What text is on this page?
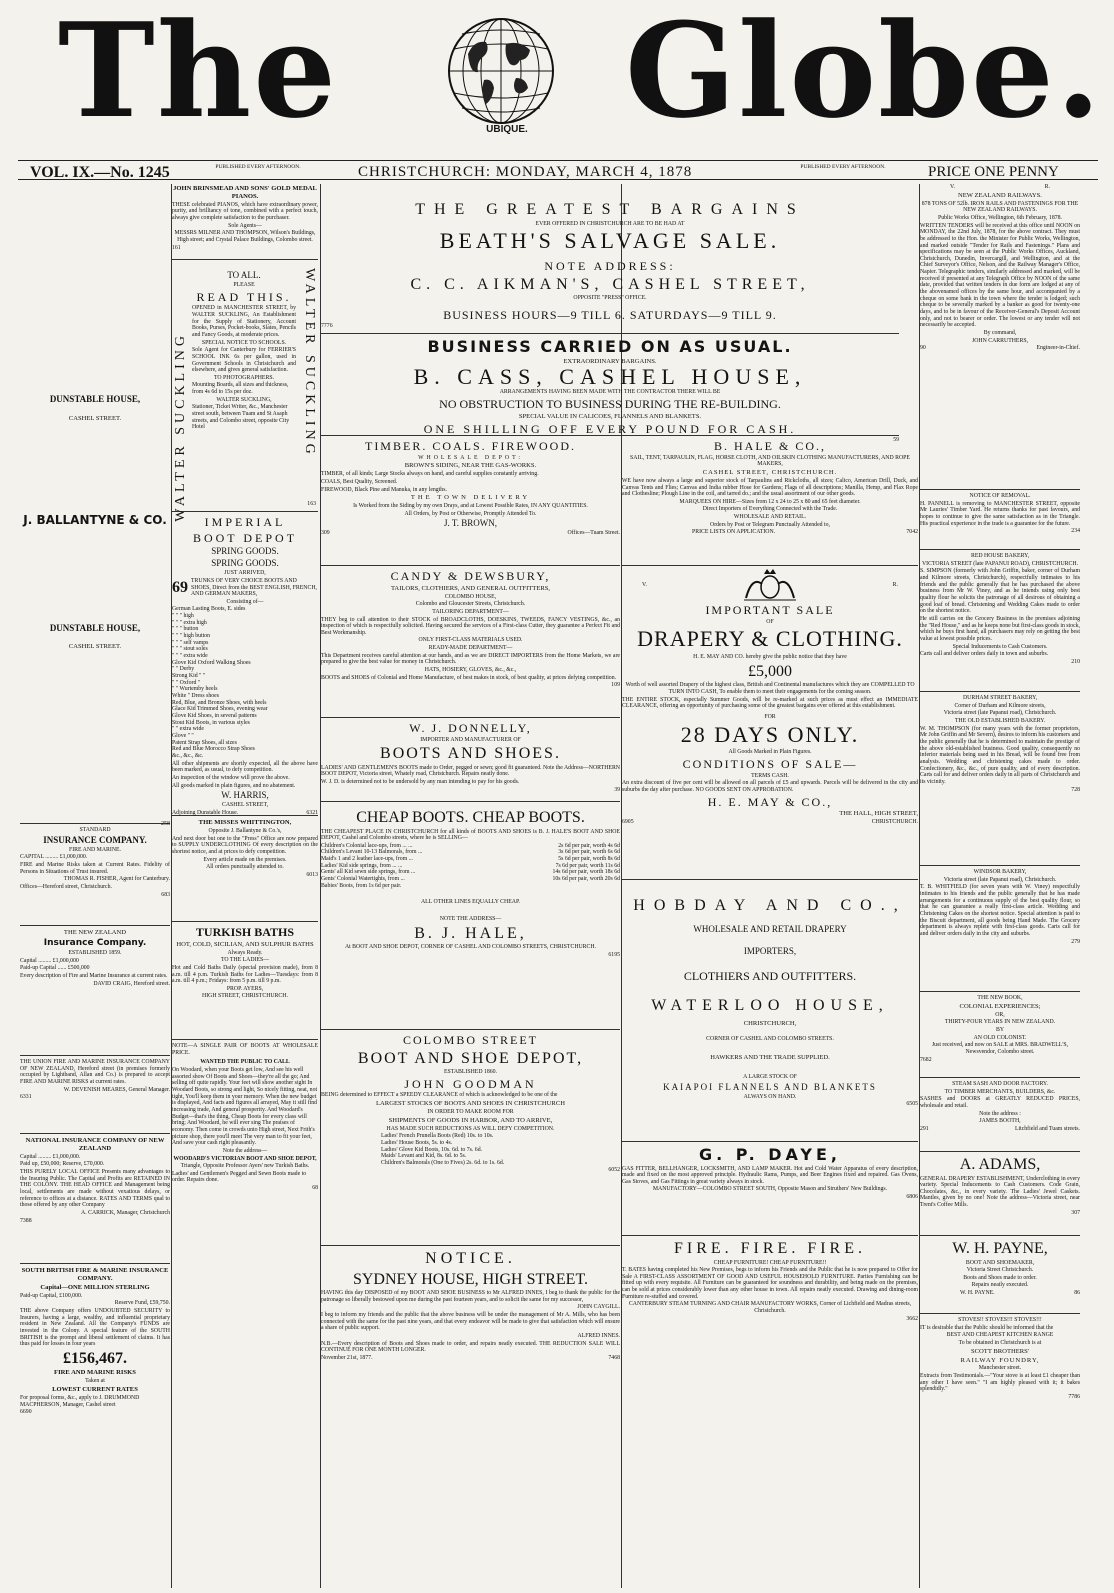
The	UBIQUE. Globe.
VOL. IX.—No. 1245	PUBLISHED EVERY AFTERNOON.	CHRISTCHURCH: MONDAY, MARCH 4, 1878	PUBLISHED EVERY AFTERNOON.	PRICE ONE PENNY

DUNSTABLE HOUSE,

CASHEL STREET.

J. BALLANTYNE & CO.

DUNSTABLE HOUSE,

CASHEL STREET.

258

STANDARD

INSURANCE COMPANY.

FIRE AND MARINE.

CAPITAL ......... £1,000,000.

FIRE and Marine Risks taken at Current Rates. Fidelity of Persons in Situations of Trust insured.

THOMAS R. FISHER, Agent for Canterbury.

Offices—Hereford street, Christchurch.

683

THE NEW ZEALAND

Insurance Company.

ESTABLISHED 1859.

Capital ......... £1,000,000

Paid-up Capital ...... £500,000

Every description of Fire and Marine Insurance at current rates.

DAVID CRAIG, Hereford street.

THE UNION FIRE AND MARINE INSURANCE COMPANY OF NEW ZEALAND, Hereford street (in premises formerly occupied by Lightband, Allan and Co.) is prepared to accept FIRE AND MARINE RISKS at current rates.

W. DEVENISH MEARES, General Manager.

6331

NATIONAL INSURANCE COMPANY OF NEW ZEALAND

Capital ......... £1,000,000.

Paid up, £50,000; Reserve, £70,000.

THIS PURELY LOCAL OFFICE Presents many advantages to the Insuring Public. The Capital and Profits are RETAINED IN THE COLONY. THE HEAD OFFICE and Management being local, settlements are made without vexatious delays, or reference to offices at a distance. RATES AND TERMS qual to those offered by any other Company

A. CARRICK, Manager, Christchurch

7388

SOUTH BRITISH FIRE & MARINE INSURANCE COMPANY.

Capital—ONE MILLION STERLING

Paid-up Capital, £100,000.

Reserve Fund, £59,750.

THE above Company offers UNDOUBTED SECURITY to Insurers, having a large, wealthy, and influential proprietary resident in New Zealand. All the Company's FUNDS are invested in the Colony. A special feature of the SOUTH BRITISH is the prompt and liberal settlement of claims. It has thus paid for losses in four years

£156,467.

FIRE AND MARINE RISKS

Taken at

LOWEST CURRENT RATES

For proposal forms, &c., apply to J. DRUMMOND MACPHERSON, Manager, Cashel street

6690

JOHN BRINSMEAD AND SONS' GOLD MEDAL PIANOS.

THESE celebrated PIANOS, which have extraordinary power, purity, and brilliancy of tone, combined with a perfect touch, always give complete satisfaction to the purchaser.

Sole Agents—

MESSRS MILNER AND THOMPSON, Wilson's Buildings, High street; and Crystal Palace Buildings, Colombo street.

161

WALTER SUCKLING	WALTER SUCKLING

TO ALL.

PLEASE

READ THIS.

OPENED in MANCHESTER STREET, by WALTER SUCKLING, An Establishment for the Supply of Stationery, Account Books, Purses, Pocket-books, Slates, Pencils and Fancy Goods, at moderate prices.

SPECIAL NOTICE TO SCHOOLS.

Sole Agent for Canterbury for FERRIER'S SCHOOL INK 6s per gallon, used in Government Schools in Christchurch and elsewhere, and gives general satisfaction.

TO PHOTOGRAPHERS.

Mounting Boards, all sizes and thickness, from 4s 6d to 15s per doz.

WALTER SUCKLING,

Stationer, Ticket Writer, &c., Manchester street south, between Tuam and St Asaph streets, and Colombo street, opposite City Hotel

163

IMPERIAL

BOOT DEPOT

SPRING GOODS.

SPRING GOODS.

JUST ARRIVED,

69 TRUNKS OF VERY CHOICE BOOTS AND SHOES, Direct from the BEST ENGLISH, FRENCH, AND GERMAN MAKERS,

Consisting of—

German Lasting Boots, E. sides
" " " high
" " " extra high
" " " button
" " " high button
" " " self vamps
" " " stout soles
" " " extra wide
Glove Kid Oxford Walking Shoes
" " Derby
Strong Kid " "
" " Oxford "
" " Wurtemby heels
White " Dress shoes
Red, Blue, and Bronze Shoes, with heels
Glace Kid Trimmed Shoes, evening wear
Glove Kid Shoes, in several patterns
Stout Kid Boots, in various styles
" " extra wide
Glove " "
Patent Strap Shoes, all sizes
Red and Blue Morocco Strap Shoes
&c., &c., &c.

All other shipments are shortly expected, all the above have been marked, as usual, to defy competition.

An inspection of the window will prove the above.

All goods marked in plain figures, and no abatement.

W. HARRIS,

CASHEL STREET,

Adjoining Dunstable House.	6321

THE MISSES WHITTINGTON,

Opposite J. Ballantyne & Co.'s,

And next door but one to the "Press" Office are now prepared to SUPPLY UNDERCLOTHING Of every description on the shortest notice, and at prices to defy competition.

Every article made on the premises.

All orders punctually attended to.

6013

TURKISH BATHS

HOT, COLD, SICILIAN, AND SULPHUR BATHS

Always Ready.

TO THE LADIES—

Hot and Cold Baths Daily (special provision made), from 8 a.m. till 4 p.m. Turkish Baths for Ladies—Tuesdays: from 8 a.m. till 4 p.m.; Fridays: from 5 p.m. till 9 p.m.

PROP. AYERS,

HIGH STREET, CHRISTCHURCH.

NOTE—A SINGLE PAIR OF BOOTS AT WHOLESALE PRICE.

WANTED THE PUBLIC TO CALL

On Woodard, when your Boots get low, And see his well assorted show Of Boots and Shoes—they're all the go; And selling off quite rapidly. Your feet will show another sight In Woodard Boots, so strong and light, So nicely fitting, neat, not tight, You'll keep them in your memory. When the new budget is displayed, And facts and figures all arrayed, May it still find increasing trade, And general prosperity. And Woodard's Budget—that's the thing, Cheap Boots for every class will bring; And Woodard, he will ever sing The praises of economy. Then come in crowds unto High street, Next Frith's picture shop, there you'll meet The very man to fit your feet, And save your cash right pleasantly.

Note the address—

WOODARD'S VICTORIAN BOOT AND SHOE DEPOT,

Triangle, Opposite Professor Ayers' new Turkish Baths.

Ladies' and Gentlemen's Pegged and Sewn Boots made to order. Repairs done.

68

THE GREATEST BARGAINS

EVER OFFERED IN CHRISTCHURCH ARE TO BE HAD AT

BEATH'S SALVAGE SALE.

NOTE ADDRESS:

C. C. AIKMAN'S, CASHEL STREET,

OPPOSITE "PRESS" OFFICE.

BUSINESS HOURS—9 TILL 6. SATURDAYS—9 TILL 9.

7776

BUSINESS CARRIED ON AS USUAL.

EXTRAORDINARY BARGAINS.

B. CASS, CASHEL HOUSE,

ARRANGEMENTS HAVING BEEN MADE WITH THE CONTRACTOR THERE WILL BE

NO OBSTRUCTION TO BUSINESS DURING THE RE-BUILDING.

SPECIAL VALUE IN CALICOES, FLANNELS AND BLANKETS.

ONE SHILLING OFF EVERY POUND FOR CASH.

59

TIMBER. COALS. FIREWOOD.

WHOLESALE DEPOT:

BROWN'S SIDING, NEAR THE GAS-WORKS.

TIMBER, of all kinds; Large Stocks always on hand, and careful supplies constantly arriving.

COALS, Best Quality, Screened.

FIREWOOD, Black Pine and Manuka, in any lengths.

THE TOWN DELIVERY

Is Worked from the Siding by my own Drays, and at Lowest Possible Rates, IN ANY QUANTITIES.

All Orders, by Post or Otherwise, Promptly Attended To.

J. T. BROWN,

309	Offices—Tuam Street.

CANDY & DEWSBURY,

TAILORS, CLOTHIERS, AND GENERAL OUTFITTERS,

COLOMBO HOUSE,

Colombo and Gloucester Streets, Christchurch.

TAILORING DEPARTMENT—

THEY beg to call attention to their STOCK of BROADCLOTHS, DOESKINS, TWEEDS, FANCY VESTINGS, &c., an inspection of which is respectfully solicited. Having secured the services of a First-class Cutter, they guarantee a Perfect Fit and Best Workmanship.

ONLY FIRST-CLASS MATERIALS USED.

READY-MADE DEPARTMENT—

This Department receives careful attention at our hands, and as we are DIRECT IMPORTERS from the Home Markets, we are prepared to give the best value for money in Christchurch.

HATS, HOSIERY, GLOVES, &c., &c.,

BOOTS and SHOES of Colonial and Home Manufacture, of best makes in stock, of best quality, at prices defying competition.

109

W. J. DONNELLY,

IMPORTER AND MANUFACTURER OF

BOOTS AND SHOES.

LADIES' AND GENTLEMEN'S BOOTS made to Order, pegged or sewn; good fit guaranteed. Note the Address—NORTHERN BOOT DEPOT, Victoria street, Whately road, Christchurch. Repairs neatly done.

W. J. D. is determined not to be undersold by any man intending to pay for his goods.

39

CHEAP BOOTS. CHEAP BOOTS.

THE CHEAPEST PLACE IN CHRISTCHURCH for all kinds of BOOTS AND SHOES is B. J. HALE'S BOOT AND SHOE DEPOT, Cashel and Colombo streets, where he is SELLING—

Children's Colonial lace-ups, from ... ...	2s 6d per pair, worth 4s 6d
Children's Levant 10-13 Balmorals, from ...	3s 6d per pair, worth 6s 6d
Maid's 1 and 2 leather lace-ups, from ...	5s 6d per pair, worth 8s 6d
Ladies' Kid side springs, from ... ...	7s 6d per pair, worth 11s 6d
Gents' all Kid sewn side springs, from ...	14s 6d per pair, worth 18s 6d
Gents' Colonial Watertights, from ...	10s 6d per pair, worth 20s 6d
Babies' Boots, from 1s 6d per pair.

ALL OTHER LINES EQUALLY CHEAP.

NOTE THE ADDRESS—

B. J. HALE,

At BOOT AND SHOE DEPOT, CORNER OF CASHEL AND COLOMBO STREETS, CHRISTCHURCH.

6195

COLOMBO STREET

BOOT AND SHOE DEPOT,

ESTABLISHED 1860.

JOHN GOODMAN

BEING determined to EFFECT a SPEEDY CLEARANCE of which is acknowledged to be one of the

LARGEST STOCKS OF BOOTS AND SHOES IN CHRISTCHURCH

IN ORDER TO MAKE ROOM FOR

SHIPMENTS OF GOODS IN HARBOR, AND TO ARRIVE,

HAS MADE SUCH REDUCTIONS AS WILL DEFY COMPETITION.

Ladies' French Prunella Boots (Red) 10s. to 10s.
Ladies' House Boots, 5s. to 4s.
Ladies' Glove Kid Boots, 10s. 6d. to 7s. 6d.
Maids' Levant and Kid, 8s. 6d. to 5s.
Children's Balmorals (One to Fives) 2s. 6d. to 1s. 6d.

6052

NOTICE.

SYDNEY HOUSE, HIGH STREET.

HAVING this day DISPOSED of my BOOT AND SHOE BUSINESS to Mr ALFRED INNES, I beg to thank the public for the patronage so liberally bestowed upon me during the past fourteen years, and to solicit the same for my successor,

JOHN CAYGILL.

I beg to inform my friends and the public that the above business will be under the management of Mr A. Mills, who has been connected with the same for the past nine years, and that every endeavor will be made to give that satisfaction which will ensure a share of public support.

ALFRED INNES.

N.B.—Every description of Boots and Shoes made to order, and repairs neatly executed. THE REDUCTION SALE WILL CONTINUE FOR ONE MONTH LONGER.

November 21st, 1877.	7468

B. HALE & CO.,

SAIL, TENT, TARPAULIN, FLAG, HORSE CLOTH, AND OILSKIN CLOTHING MANUFACTURERS, AND ROPE MAKERS,

CASHEL STREET, CHRISTCHURCH.

WE have now always a large and superior stock of Tarpaulins and Rickcloths, all sizes; Calico, American Drill, Duck, and Canvas Tents and Flies; Canvas and India rubber Hose for Gardens; Flags of all descriptions; Manilla, Hemp, and Flax Rope and Clothesline; Plough Line in the coil, and tarred do.; and the usual assortment of our other goods.

MARQUEES ON HIRE—Sizes from 12 x 24 to 25 x 80 and 65 feet diameter.

Direct Importers of Everything Connected with the Trade.

WHOLESALE AND RETAIL.

Orders by Post or Telegram Punctually Attended to,

PRICE LISTS ON APPLICATION.	7042
V.	R.

IMPORTANT SALE

OF

DRAPERY & CLOTHING.

H. E. MAY AND CO. hereby give the public notice that they have

£5,000

Worth of well assorted Drapery of the highest class, British and Continental manufactures which they are COMPELLED TO TURN INTO CASH, To enable them to meet their engagements for the coming season.

THE ENTIRE STOCK, especially Summer Goods, will be re-marked at such prices as must effect an IMMEDIATE CLEARANCE, offering an opportunity of purchasing some of the greatest bargains ever offered at this establishment.

FOR

28 DAYS ONLY.

All Goods Marked in Plain Figures.

CONDITIONS OF SALE—

TERMS CASH.

An extra discount of five per cent will be allowed on all parcels of £5 and upwards. Parcels will be delivered in the city and suburbs the day after purchase. NO GOODS SENT ON APPROBATION.

H. E. MAY & CO.,

THE HALL, HIGH STREET,

6905	CHRISTCHURCH.

HOBDAY AND CO.,

WHOLESALE AND RETAIL DRAPERY

IMPORTERS,

CLOTHIERS AND OUTFITTERS.

WATERLOO HOUSE,

CHRISTCHURCH,

CORNER OF CASHEL AND COLOMBO STREETS.

HAWKERS AND THE TRADE SUPPLIED.

A LARGE STOCK OF

KAIAPOI FLANNELS AND BLANKETS

ALWAYS ON HAND.

6505

G. P. DAYE,

GAS FITTER, BELLHANGER, LOCKSMITH, AND LAMP MAKER. Hot and Cold Water Apparatus of every description, made and fixed on the most approved principle. Hydraulic Rams, Pumps, and Beer Engines fixed and repaired. Gas Ovens, Gas Stoves, and Gas Fittings in great variety always in stock.

MANUFACTORY—COLOMBO STREET SOUTH, Opposite Mason and Struthers' New Buildings.

6806

FIRE. FIRE. FIRE.

CHEAP FURNITURE! CHEAP FURNITURE!!

T. BATES having completed his New Premises, begs to inform his Friends and the Public that he is now prepared to Offer for Sale A FIRST-CLASS ASSORTMENT OF GOOD AND USEFUL HOUSEHOLD FURNITURE. Parties Furnishing can be fitted up with every requisite. All Furniture can be guaranteed for soundness and durability, and being made on the premises, can be sold at prices considerably lower than any other house in town. All repairs neatly executed. Drawing and dining-room Furniture re-stuffed and covered.

CANTERBURY STEAM TURNING AND CHAIR MANUFACTORY WORKS, Corner of Lichfield and Madras streets, Christchurch.

3662

V.	R.

NEW ZEALAND RAILWAYS.

878 TONS OF 52lb. IRON RAILS AND FASTENINGS FOR THE NEW ZEALAND RAILWAYS.

Public Works Office, Wellington, 6th February, 1878.

WRITTEN TENDERS will be received at this office until NOON on MONDAY, the 22nd July, 1878, for the above contract. They must be addressed to the Hon. the Minister for Public Works, Wellington, and marked outside "Tender for Rails and Fastenings." Plans and specifications may be seen at the Public Works Offices, Auckland, Christchurch, Dunedin, Invercargill, and Wellington, and at the Chief Surveyor's Office, Nelson, and the Railway Manager's Office, Napier. Telegraphic tenders, similarly addressed and marked, will be received if presented at any Telegraph Office by NOON of the same date, provided that written tenders in due form are lodged at any of the abovenamed offices by the same hour, and accompanied by a cheque on some bank in the town where the tender is lodged; such cheque to be severally marked by a banker as good for twenty-one days, and to be in favour of the Receiver-General's Deposit Account only, and not to bearer or order. The lowest or any tender will not necessarily be accepted.

By command,

JOHN CARRUTHERS,

90	Engineer-in-Chief.

NOTICE OF REMOVAL.

H. PANNELL is removing to MANCHESTER STREET, opposite Mr Lauries' Timber Yard. He returns thanks for past favours, and hopes to continue to give the same satisfaction as in the Triangle. His practical experience in the trade is a guarantee for the future.

234

RED HOUSE BAKERY,

VICTORIA STREET (late PAPANUI ROAD), CHRISTCHURCH.

S. SIMPSON (formerly with John Griffin, baker, corner of Durham and Kilmore streets, Christchurch), respectfully intimates to his friends and the public generally that he has purchased the above business from Mr W. Viney, and as he intends using only best quality flour he solicits the patronage of all desirous of obtaining a good loaf of bread. Christening and Wedding Cakes made to order on the shortest notice.

He still carries on the Grocery Business in the premises adjoining the "Red House," and as he keeps none but first-class goods in stock, which he buys first hand, all purchasers may rely on getting the best value at lowest possible prices.

Special Inducements to Cash Customers.

Carts call and deliver orders daily in town and suburbs.

210

DURHAM STREET BAKERY,

Corner of Durham and Kilmore streets,

Victoria street (late Papanui road), Christchurch.

THE OLD ESTABLISHED BAKERY.

W. M. THOMPSON (for many years with the former proprietors, Mr John Griffin and Mr Severn), desires to inform his customers and the public generally that he is determined to maintain the prestige of the above old-established business. Good quality, consequently no inferior materials being used in his Bread, will be found free from analysis. Wedding and christening cakes made to order. Confectionery, &c., &c., of pure quality, and of every description. Carts call for and deliver orders daily in all parts of Christchurch and its vicinity.

728

WINDSOR BAKERY,

Victoria street (late Papanui road), Christchurch.

T. B. WHITFIELD (for seven years with W. Viney) respectfully intimates to his friends and the public generally that he has made arrangements for a continuous supply of the best quality flour, so that he can guarantee a really first-class article. Wedding and Christening Cakes on the shortest notice. Special attention is paid to the Biscuit department, all goods being Hand Made. The Grocery department is always replete with first-class goods. Carts call for and deliver orders daily in the city and suburbs.

279

THE NEW BOOK,

COLONIAL EXPERIENCES;

OR,

THIRTY-FOUR YEARS IN NEW ZEALAND.

BY

AN OLD COLONIST.

Just received, and now on SALE at MRS. BRADWELL'S, Newsvendor, Colombo street.

7682

STEAM SASH AND DOOR FACTORY.

TO TIMBER MERCHANTS, BUILDERS, &c.

SASHES and DOORS at GREATLY REDUCED PRICES, wholesale and retail.

Note the address :

JAMES BOOTH,

291	Litchfield and Tuam streets.

A. ADAMS,

GENERAL DRAPERY ESTABLISHMENT, Underclothing in every variety. Special Inducements to Cash Customers. Code Grain, Chocolates, &c., in every variety. The Ladies' Jewel Caskets. Mantles, given by no one! Note the address—Victoria street, near Trent's Coffee Mills.

307

W. H. PAYNE,

BOOT AND SHOEMAKER,

Victoria Street Christchurch.

Boots and Shoes made to order.

Repairs neatly executed.

W. H. PAYNE.	86

STOVES!! STOVES!!! STOVES!!!

IT is desirable that the Public should be informed that the

BEST AND CHEAPEST KITCHEN RANGE

To be obtained in Christchurch is at

SCOTT BROTHERS'

RAILWAY FOUNDRY,

Manchester street.

Extracts from Testimonials.—"Your stove is at least £1 cheaper than any other I have seen." "I am highly pleased with it; it bakes splendidly."

7786
